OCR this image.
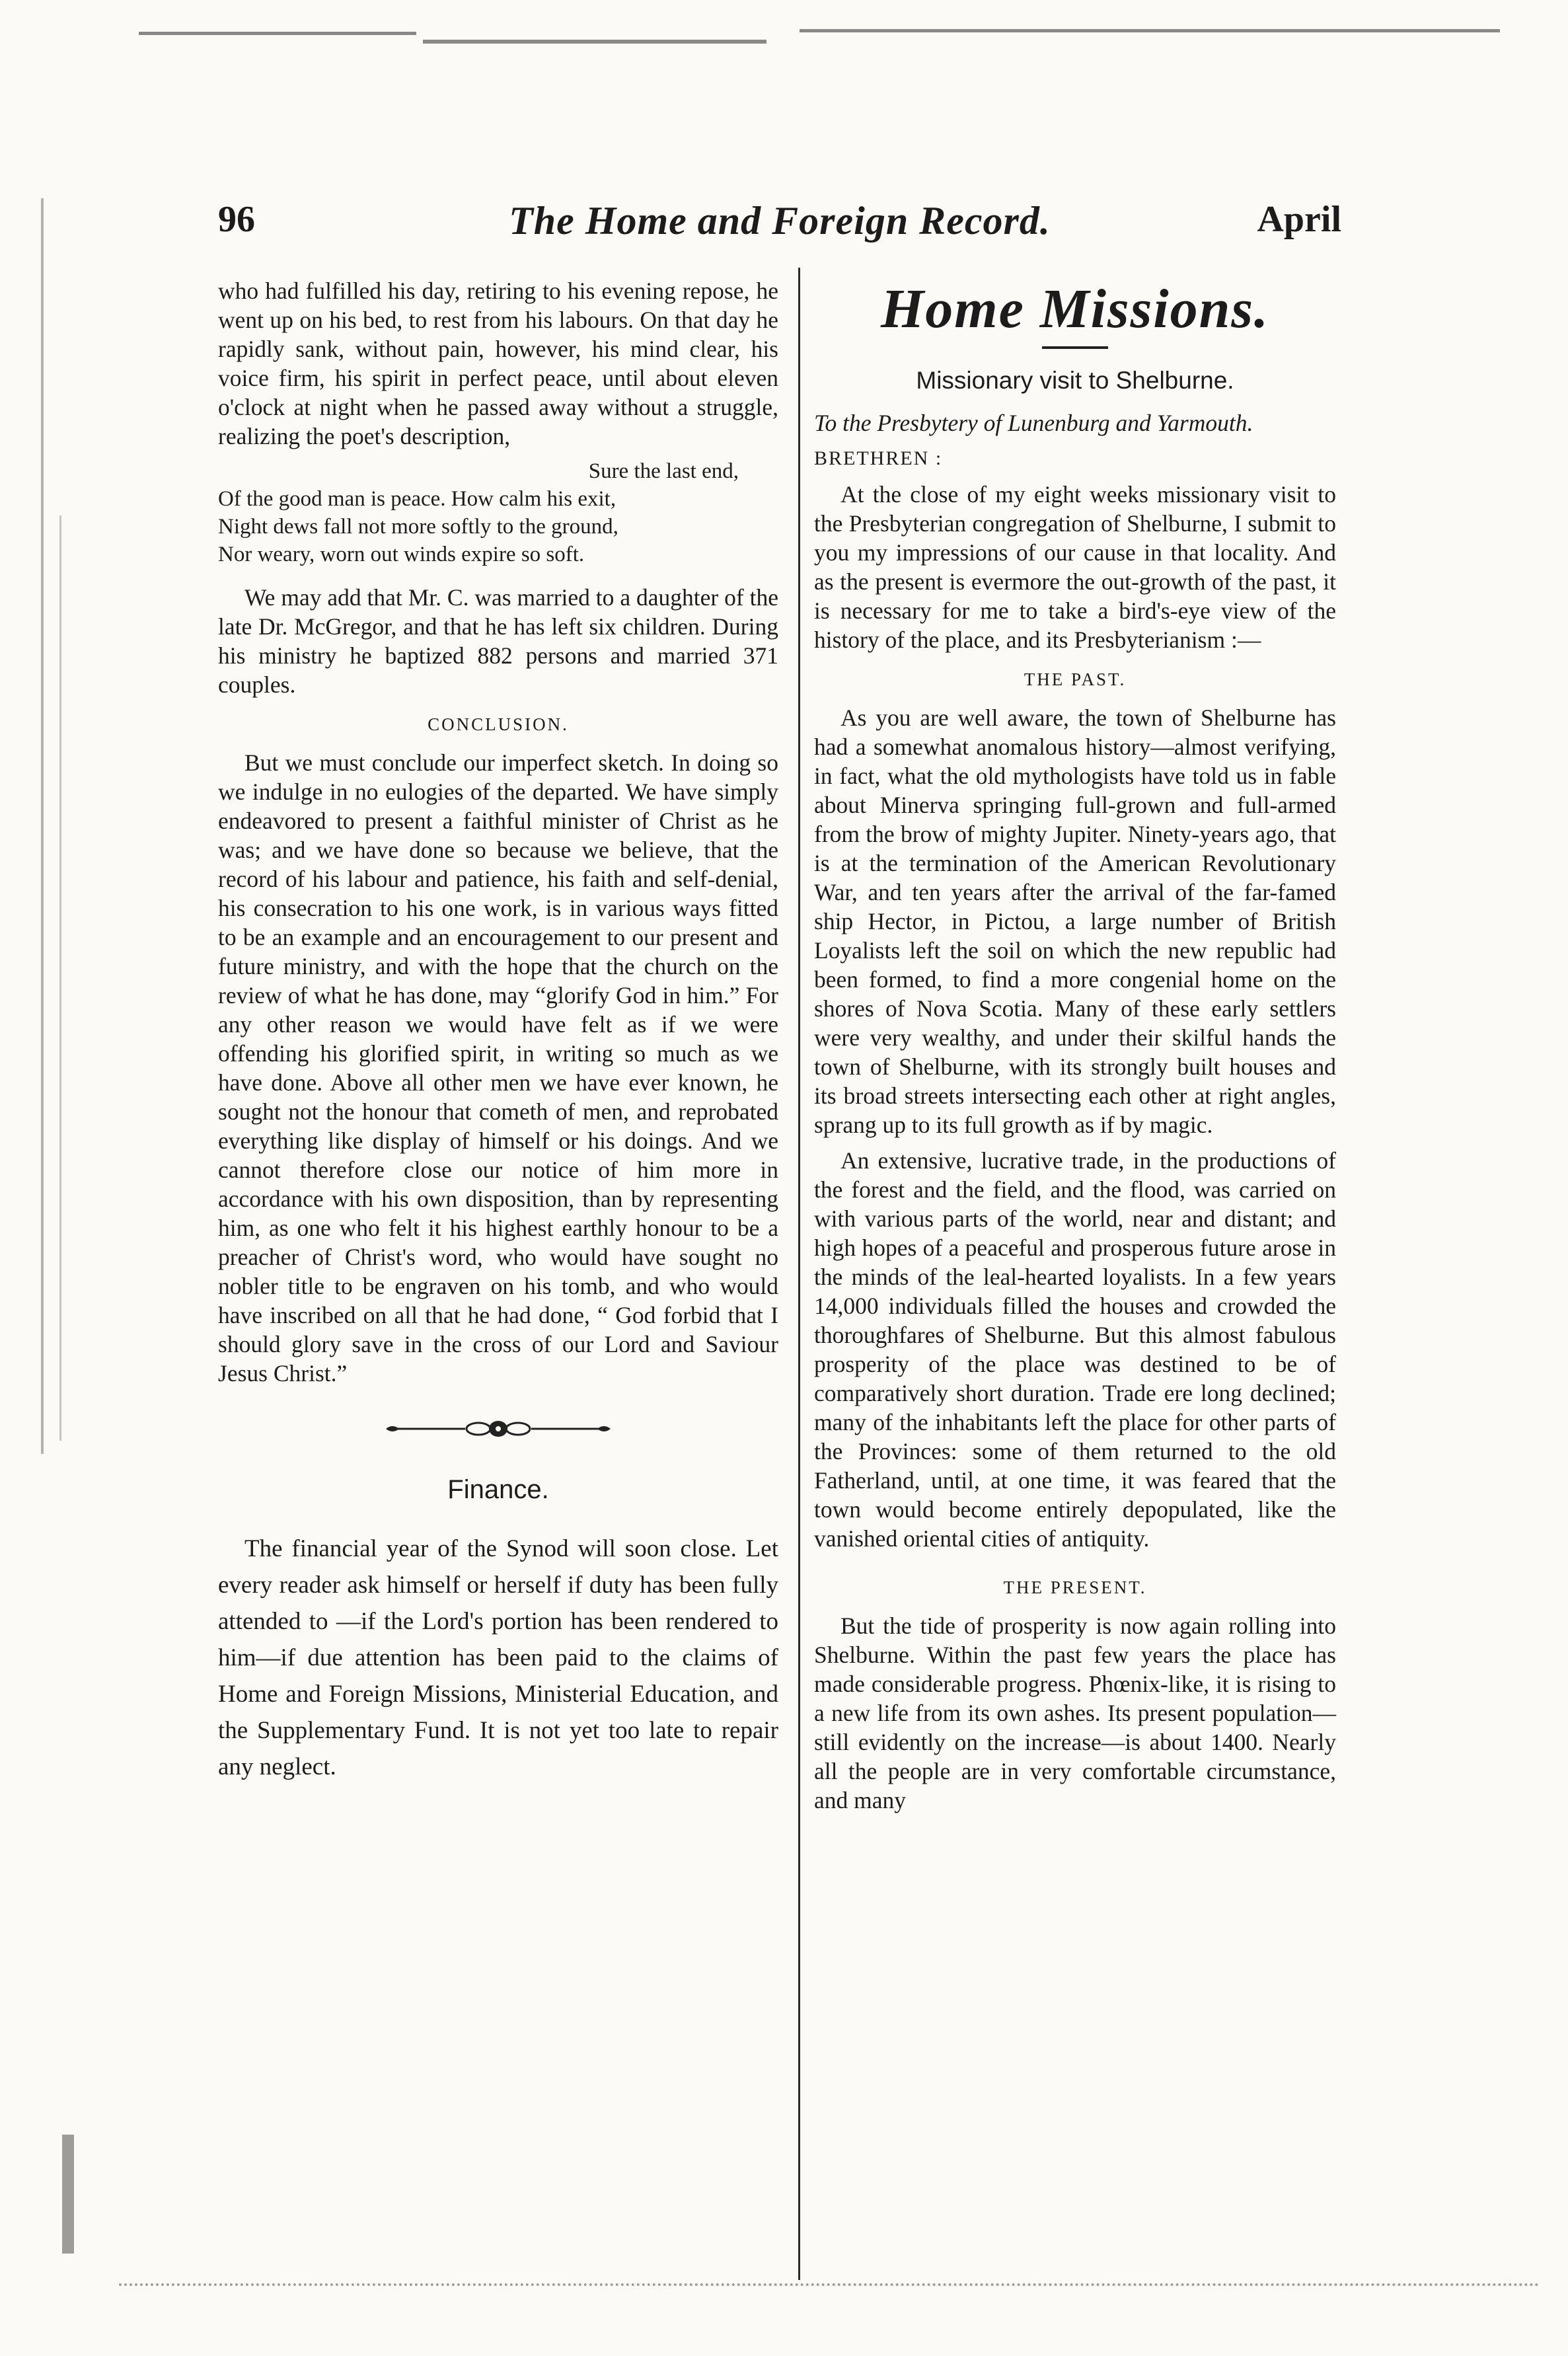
96	The Home and Foreign Record.	April

who had fulfilled his day, retiring to his evening repose, he went up on his bed, to rest from his labours. On that day he rapidly sank, without pain, however, his mind clear, his voice firm, his spirit in perfect peace, until about eleven o'clock at night when he passed away without a struggle, realizing the poet's description,

Sure the last end,
Of the good man is peace. How calm his exit,
Night dews fall not more softly to the ground,
Nor weary, worn out winds expire so soft.

We may add that Mr. C. was married to a daughter of the late Dr. McGregor, and that he has left six children. During his ministry he baptized 882 persons and married 371 couples.

CONCLUSION.

But we must conclude our imperfect sketch. In doing so we indulge in no eulogies of the departed. We have simply endeavored to present a faithful minister of Christ as he was; and we have done so because we believe, that the record of his labour and patience, his faith and self-denial, his consecration to his one work, is in various ways fitted to be an example and an encouragement to our present and future ministry, and with the hope that the church on the review of what he has done, may “glorify God in him.” For any other reason we would have felt as if we were offending his glorified spirit, in writing so much as we have done. Above all other men we have ever known, he sought not the honour that cometh of men, and reprobated everything like display of himself or his doings. And we cannot therefore close our notice of him more in accordance with his own disposition, than by representing him, as one who felt it his highest earthly honour to be a preacher of Christ's word, who would have sought no nobler title to be engraven on his tomb, and who would have inscribed on all that he had done, “ God forbid that I should glory save in the cross of our Lord and Saviour Jesus Christ.”

Finance.

The financial year of the Synod will soon close. Let every reader ask himself or herself if duty has been fully attended to —if the Lord's portion has been rendered to him—if due attention has been paid to the claims of Home and Foreign Missions, Ministerial Education, and the Supplementary Fund. It is not yet too late to repair any neglect.

Home Missions.
Missionary visit to Shelburne.

To the Presbytery of Lunenburg and Yarmouth.

BRETHREN :

At the close of my eight weeks missionary visit to the Presbyterian congregation of Shelburne, I submit to you my impressions of our cause in that locality. And as the present is evermore the out-growth of the past, it is necessary for me to take a bird's-eye view of the history of the place, and its Presbyterianism :—

THE PAST.

As you are well aware, the town of Shelburne has had a somewhat anomalous history—almost verifying, in fact, what the old mythologists have told us in fable about Minerva springing full-grown and full-armed from the brow of mighty Jupiter. Ninety-years ago, that is at the termination of the American Revolutionary War, and ten years after the arrival of the far-famed ship Hector, in Pictou, a large number of British Loyalists left the soil on which the new republic had been formed, to find a more congenial home on the shores of Nova Scotia. Many of these early settlers were very wealthy, and under their skilful hands the town of Shelburne, with its strongly built houses and its broad streets intersecting each other at right angles, sprang up to its full growth as if by magic.

An extensive, lucrative trade, in the productions of the forest and the field, and the flood, was carried on with various parts of the world, near and distant; and high hopes of a peaceful and prosperous future arose in the minds of the leal-hearted loyalists. In a few years 14,000 individuals filled the houses and crowded the thoroughfares of Shelburne. But this almost fabulous prosperity of the place was destined to be of comparatively short duration. Trade ere long declined; many of the inhabitants left the place for other parts of the Provinces: some of them returned to the old Fatherland, until, at one time, it was feared that the town would become entirely depopulated, like the vanished oriental cities of antiquity.

THE PRESENT.

But the tide of prosperity is now again rolling into Shelburne. Within the past few years the place has made considerable progress. Phœnix-like, it is rising to a new life from its own ashes. Its present population—still evidently on the increase—is about 1400. Nearly all the people are in very comfortable circumstance, and many
